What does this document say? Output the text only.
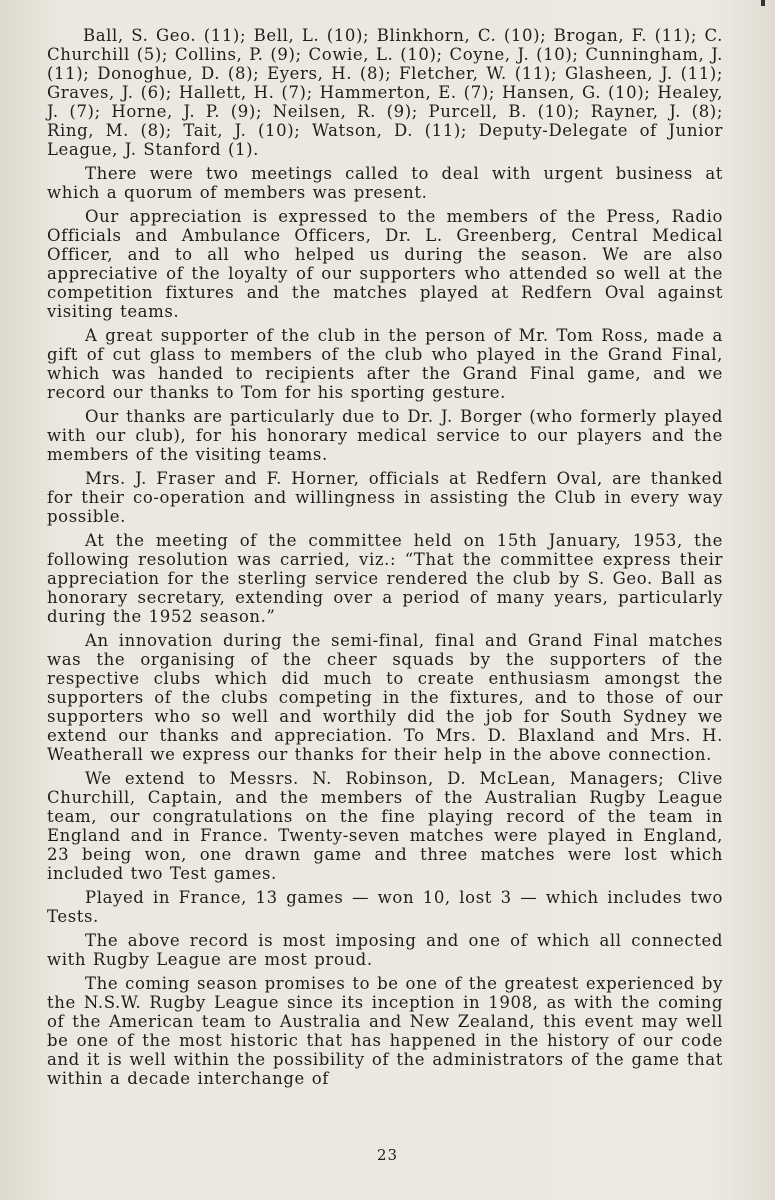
Ball, S. Geo. (11); Bell, L. (10); Blinkhorn, C. (10); Brogan, F. (11); C. Churchill (5); Collins, P. (9); Cowie, L. (10); Coyne, J. (10); Cunningham, J. (11); Donoghue, D. (8); Eyers, H. (8); Fletcher, W. (11); Glasheen, J. (11); Graves, J. (6); Hallett, H. (7); Hammerton, E. (7); Hansen, G. (10); Healey, J. (7); Horne, J. P. (9); Neilsen, R. (9); Purcell, B. (10); Rayner, J. (8); Ring, M. (8); Tait, J. (10); Watson, D. (11); Deputy-Delegate of Junior League, J. Stanford (1).

There were two meetings called to deal with urgent business at which a quorum of members was present.

Our appreciation is expressed to the members of the Press, Radio Officials and Ambulance Officers, Dr. L. Greenberg, Central Medical Officer, and to all who helped us during the season. We are also appreciative of the loyalty of our supporters who attended so well at the competition fixtures and the matches played at Redfern Oval against visiting teams.

A great supporter of the club in the person of Mr. Tom Ross, made a gift of cut glass to members of the club who played in the Grand Final, which was handed to recipients after the Grand Final game, and we record our thanks to Tom for his sporting gesture.

Our thanks are particularly due to Dr. J. Borger (who formerly played with our club), for his honorary medical service to our players and the members of the visiting teams.

Mrs. J. Fraser and F. Horner, officials at Redfern Oval, are thanked for their co-operation and willingness in assisting the Club in every way possible.

At the meeting of the committee held on 15th January, 1953, the following resolution was carried, viz.: “That the committee express their appreciation for the sterling service rendered the club by S. Geo. Ball as honorary secretary, extending over a period of many years, particularly during the 1952 season.”

An innovation during the semi-final, final and Grand Final matches was the organising of the cheer squads by the supporters of the respective clubs which did much to create enthusiasm amongst the supporters of the clubs competing in the fixtures, and to those of our supporters who so well and worthily did the job for South Sydney we extend our thanks and appreciation. To Mrs. D. Blaxland and Mrs. H. Weatherall we express our thanks for their help in the above connection.

We extend to Messrs. N. Robinson, D. McLean, Managers; Clive Churchill, Captain, and the members of the Australian Rugby League team, our congratulations on the fine playing record of the team in England and in France. Twenty-seven matches were played in England, 23 being won, one drawn game and three matches were lost which included two Test games.

Played in France, 13 games — won 10, lost 3 — which includes two Tests.

The above record is most imposing and one of which all connected with Rugby League are most proud.

The coming season promises to be one of the greatest experienced by the N.S.W. Rugby League since its inception in 1908, as with the coming of the American team to Australia and New Zealand, this event may well be one of the most historic that has happened in the history of our code and it is well within the possibility of the administrators of the game that within a decade interchange of

23
